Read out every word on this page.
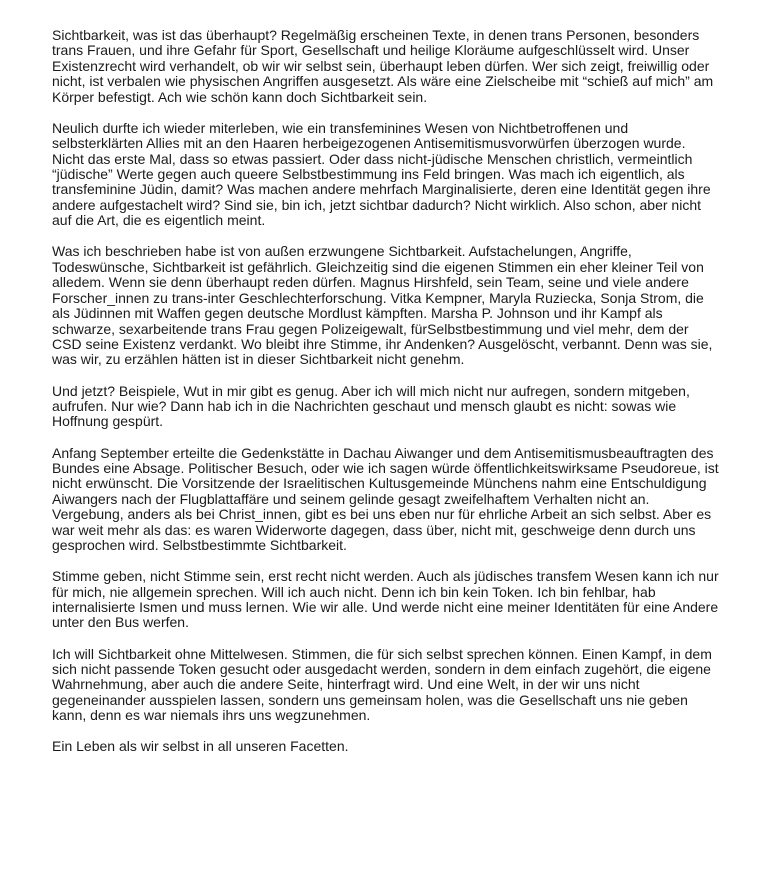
Sichtbarkeit, was ist das überhaupt? Regelmäßig erscheinen Texte, in denen trans Personen, besonders trans Frauen, und ihre Gefahr für Sport, Gesellschaft und heilige Kloräume aufgeschlüsselt wird. Unser Existenzrecht wird verhandelt, ob wir wir selbst sein, überhaupt leben dürfen. Wer sich zeigt, freiwillig oder nicht, ist verbalen wie physischen Angriffen ausgesetzt. Als wäre eine Zielscheibe mit “schieß auf mich” am Körper befestigt. Ach wie schön kann doch Sichtbarkeit sein.

Neulich durfte ich wieder miterleben, wie ein transfeminines Wesen von Nichtbetroffenen und selbsterklärten Allies mit an den Haaren herbeigezogenen Antisemitismusvorwürfen überzogen wurde. Nicht das erste Mal, dass so etwas passiert. Oder dass nicht-jüdische Menschen christlich, vermeintlich “jüdische” Werte gegen auch queere Selbstbestimmung ins Feld bringen. Was mach ich eigentlich, als transfeminine Jüdin, damit? Was machen andere mehrfach Marginalisierte, deren eine Identität gegen ihre andere aufgestachelt wird? Sind sie, bin ich, jetzt sichtbar dadurch? Nicht wirklich. Also schon, aber nicht auf die Art, die es eigentlich meint.

Was ich beschrieben habe ist von außen erzwungene Sichtbarkeit. Aufstachelungen, Angriffe, Todeswünsche, Sichtbarkeit ist gefährlich. Gleichzeitig sind die eigenen Stimmen ein eher kleiner Teil von alledem. Wenn sie denn überhaupt reden dürfen. Magnus Hirshfeld, sein Team, seine und viele andere Forscher_innen zu trans-inter Geschlechterforschung. Vitka Kempner, Maryla Ruziecka, Sonja Strom, die als Jüdinnen mit Waffen gegen deutsche Mordlust kämpften. Marsha P. Johnson und ihr Kampf als schwarze, sexarbeitende trans Frau gegen Polizeigewalt, fürSelbstbestimmung und viel mehr, dem der CSD seine Existenz verdankt. Wo bleibt ihre Stimme, ihr Andenken? Ausgelöscht, verbannt. Denn was sie, was wir, zu erzählen hätten ist in dieser Sichtbarkeit nicht genehm.

Und jetzt? Beispiele, Wut in mir gibt es genug. Aber ich will mich nicht nur aufregen, sondern mitgeben, aufrufen. Nur wie? Dann hab ich in die Nachrichten geschaut und mensch glaubt es nicht: sowas wie Hoffnung gespürt.

Anfang September erteilte die Gedenkstätte in Dachau Aiwanger und dem Antisemitismusbeauftragten des Bundes eine Absage. Politischer Besuch, oder wie ich sagen würde öffentlichkeitswirksame Pseudoreue, ist nicht erwünscht. Die Vorsitzende der Israelitischen Kultusgemeinde Münchens nahm eine Entschuldigung Aiwangers nach der Flugblattaffäre und seinem gelinde gesagt zweifelhaftem Verhalten nicht an. Vergebung, anders als bei Christ_innen, gibt es bei uns eben nur für ehrliche Arbeit an sich selbst. Aber es war weit mehr als das: es waren Widerworte dagegen, dass über, nicht mit, geschweige denn durch uns gesprochen wird. Selbstbestimmte Sichtbarkeit.

Stimme geben, nicht Stimme sein, erst recht nicht werden. Auch als jüdisches transfem Wesen kann ich nur für mich, nie allgemein sprechen. Will ich auch nicht. Denn ich bin kein Token. Ich bin fehlbar, hab internalisierte Ismen und muss lernen. Wie wir alle. Und werde nicht eine meiner Identitäten für eine Andere unter den Bus werfen.

Ich will Sichtbarkeit ohne Mittelwesen. Stimmen, die für sich selbst sprechen können. Einen Kampf, in dem sich nicht passende Token gesucht oder ausgedacht werden, sondern in dem einfach zugehört, die eigene Wahrnehmung, aber auch die andere Seite, hinterfragt wird. Und eine Welt, in der wir uns nicht gegeneinander ausspielen lassen, sondern uns gemeinsam holen, was die Gesellschaft uns nie geben kann, denn es war niemals ihrs uns wegzunehmen.

Ein Leben als wir selbst in all unseren Facetten.
